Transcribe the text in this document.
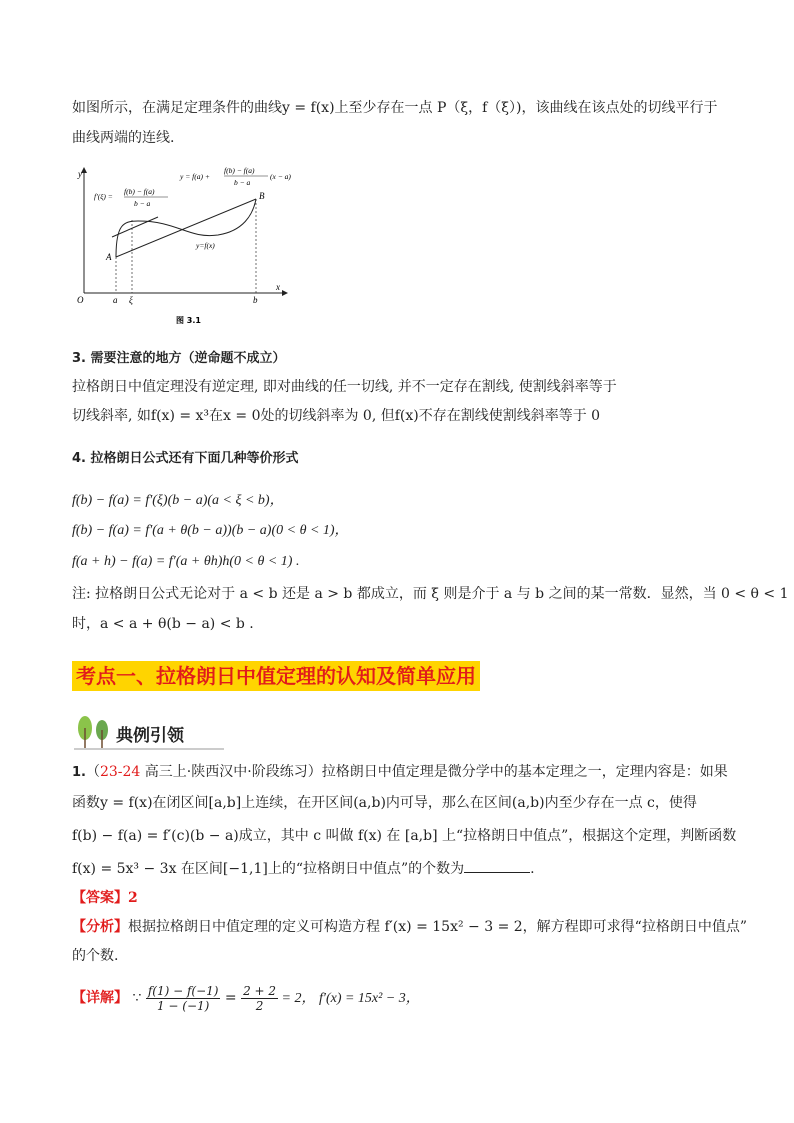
如图所示，在满足定理条件的曲线y = f(x)上至少存在一点 P（ξ，f（ξ）)，该曲线在该点处的切线平行于
曲线两端的连线.
y
x
O
A
B
a ξ	b
y=f(x)
f′(ξ) =
f(b) − f(a)
b − a
y = f(a) +
f(b) − f(a)
b − a
(x − a)
图 3.1
3. 需要注意的地方（逆命题不成立）
拉格朗日中值定理没有逆定理, 即对曲线的任一切线, 并不一定存在割线, 使割线斜率等于
切线斜率, 如f(x) = x³在x = 0处的切线斜率为 0, 但f(x)不存在割线使割线斜率等于 0
4. 拉格朗日公式还有下面几种等价形式
f(b) − f(a) = f′(ξ)(b − a)(a < ξ < b)，
f(b) − f(a) = f′(a + θ(b − a))(b − a)(0 < θ < 1)，
f(a + h) − f(a) = f′(a + θh)h(0 < θ < 1) .
注: 拉格朗日公式无论对于 a < b 还是 a > b 都成立，而 ξ 则是介于 a 与 b 之间的某一常数．显然，当 0 < θ < 1
时，a < a + θ(b − a) < b .
考点一、拉格朗日中值定理的认知及简单应用
典例引领
1.（23-24 高三上·陕西汉中·阶段练习）拉格朗日中值定理是微分学中的基本定理之一，定理内容是：如果
函数y = f(x)在闭区间[a,b]上连续，在开区间(a,b)内可导，那么在区间(a,b)内至少存在一点 c，使得
f(b) − f(a) = f′(c)(b − a)成立，其中 c 叫做 f(x) 在 [a,b] 上“拉格朗日中值点”，根据这个定理，判断函数
f(x) = 5x³ − 3x 在区间[−1,1]上的“拉格朗日中值点”的个数为	.
【答案】2
【分析】根据拉格朗日中值定理的定义可构造方程 f′(x) = 15x² − 3 = 2，解方程即可求得“拉格朗日中值点”
的个数.
【详解】 ∵ $\frac{f(1) - f(-1)}{1 - (-1)} = \frac{2 + 2}{2} = 2$， f′(x) = 15x² − 3，
